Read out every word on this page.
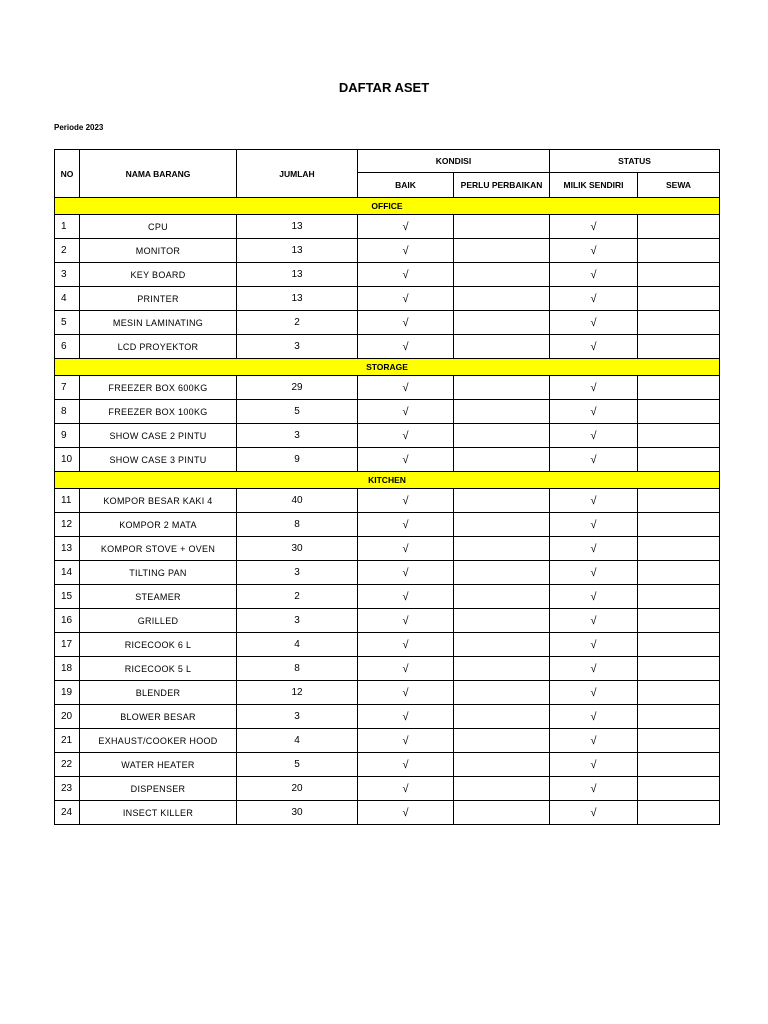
DAFTAR ASET
Periode 2023
NO	NAMA BARANG	JUMLAH	KONDISI		STATUS	
			BAIK	PERLU PERBAIKAN	MILIK SENDIRI	SEWA
OFFICE						
1	CPU	13	√		√	
2	MONITOR	13	√		√	
3	KEY BOARD	13	√		√	
4	PRINTER	13	√		√	
5	MESIN LAMINATING	2	√		√	
6	LCD PROYEKTOR	3	√		√	
STORAGE						
7	FREEZER BOX 600KG	29	√		√	
8	FREEZER BOX 100KG	5	√		√	
9	SHOW CASE 2 PINTU	3	√		√	
10	SHOW CASE 3 PINTU	9	√		√	
KITCHEN						
11	KOMPOR BESAR KAKI 4	40	√		√	
12	KOMPOR 2 MATA	8	√		√	
13	KOMPOR STOVE + OVEN	30	√		√	
14	TILTING PAN	3	√		√	
15	STEAMER	2	√		√	
16	GRILLED	3	√		√	
17	RICECOOK 6 L	4	√		√	
18	RICECOOK 5 L	8	√		√	
19	BLENDER	12	√		√	
20	BLOWER BESAR	3	√		√	
21	EXHAUST/COOKER HOOD	4	√		√	
22	WATER HEATER	5	√		√	
23	DISPENSER	20	√		√	
24	INSECT KILLER	30	√		√	
